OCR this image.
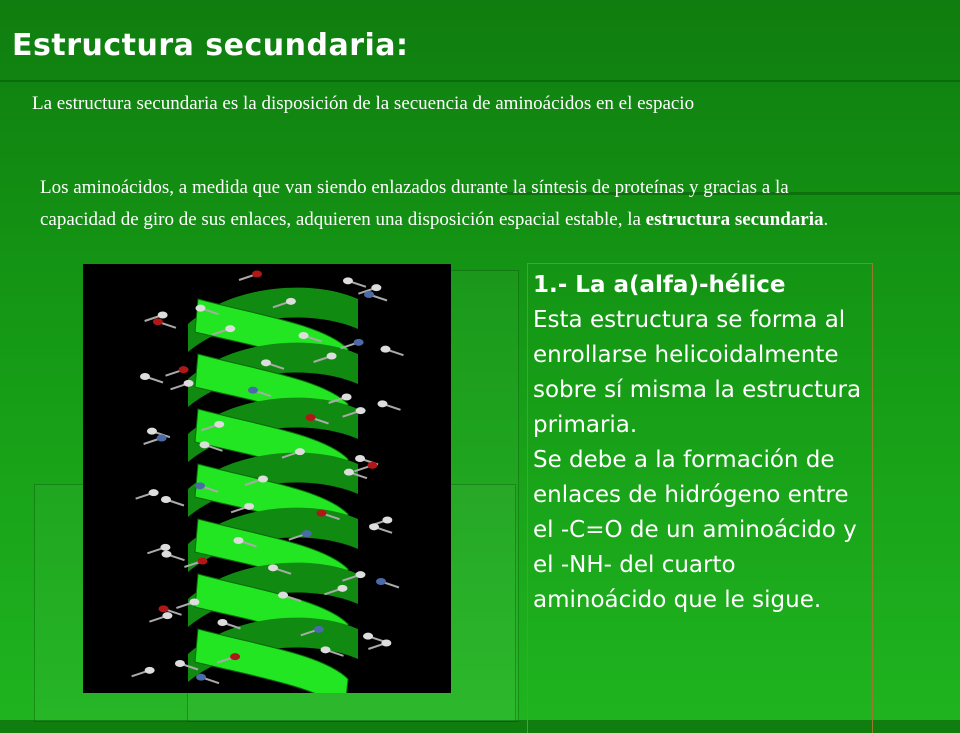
Estructura secundaria:
La estructura secundaria es la disposición de la secuencia de aminoácidos en el espacio
Los aminoácidos, a medida que van siendo enlazados durante la síntesis de proteínas y gracias a la capacidad de giro de sus enlaces, adquieren una disposición espacial estable, la estructura secundaria.
1.- La a(alfa)-hélice
Esta estructura se forma al enrollarse helicoidalmente sobre sí misma la estructura primaria.
Se debe a la formación de enlaces de hidrógeno entre el -C=O de un aminoácido y el -NH- del cuarto aminoácido que le sigue.
